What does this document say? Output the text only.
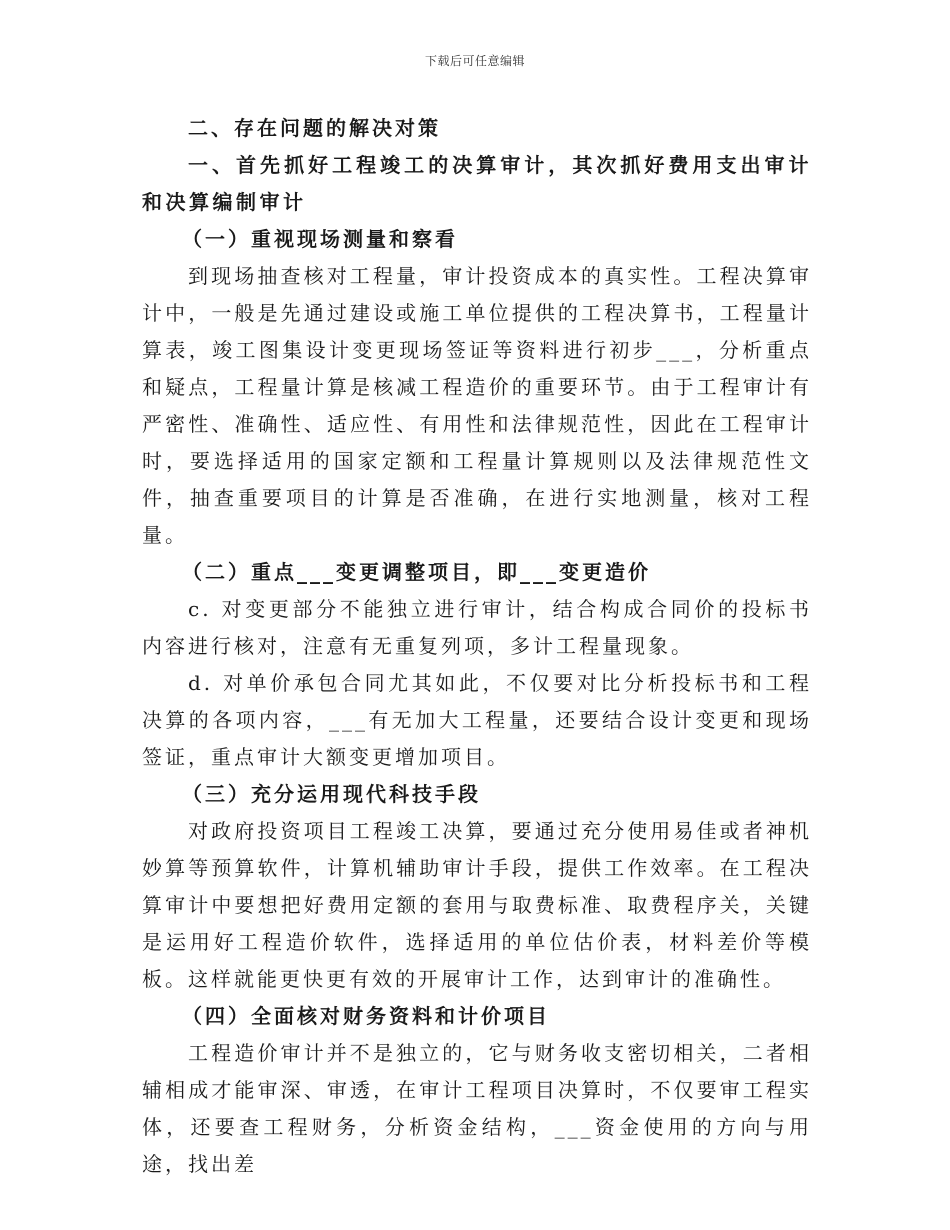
下载后可任意编辑

二、存在问题的解决对策

一、首先抓好工程竣工的决算审计，其次抓好费用支出审计和决算编制审计

（一）重视现场测量和察看

到现场抽查核对工程量，审计投资成本的真实性。工程决算审计中，一般是先通过建设或施工单位提供的工程决算书，工程量计算表，竣工图集设计变更现场签证等资料进行初步___，分析重点和疑点，工程量计算是核减工程造价的重要环节。由于工程审计有严密性、准确性、适应性、有用性和法律规范性，因此在工程审计时，要选择适用的国家定额和工程量计算规则以及法律规范性文件，抽查重要项目的计算是否准确，在进行实地测量，核对工程量。

（二）重点___变更调整项目，即___变更造价

c. 对变更部分不能独立进行审计，结合构成合同价的投标书内容进行核对，注意有无重复列项，多计工程量现象。

d. 对单价承包合同尤其如此，不仅要对比分析投标书和工程决算的各项内容，___有无加大工程量，还要结合设计变更和现场签证，重点审计大额变更增加项目。

（三）充分运用现代科技手段

对政府投资项目工程竣工决算，要通过充分使用易佳或者神机妙算等预算软件，计算机辅助审计手段，提供工作效率。在工程决算审计中要想把好费用定额的套用与取费标准、取费程序关，关键是运用好工程造价软件，选择适用的单位估价表，材料差价等模板。这样就能更快更有效的开展审计工作，达到审计的准确性。

（四）全面核对财务资料和计价项目

工程造价审计并不是独立的，它与财务收支密切相关，二者相辅相成才能审深、审透，在审计工程项目决算时，不仅要审工程实体，还要查工程财务，分析资金结构，___资金使用的方向与用途，找出差
